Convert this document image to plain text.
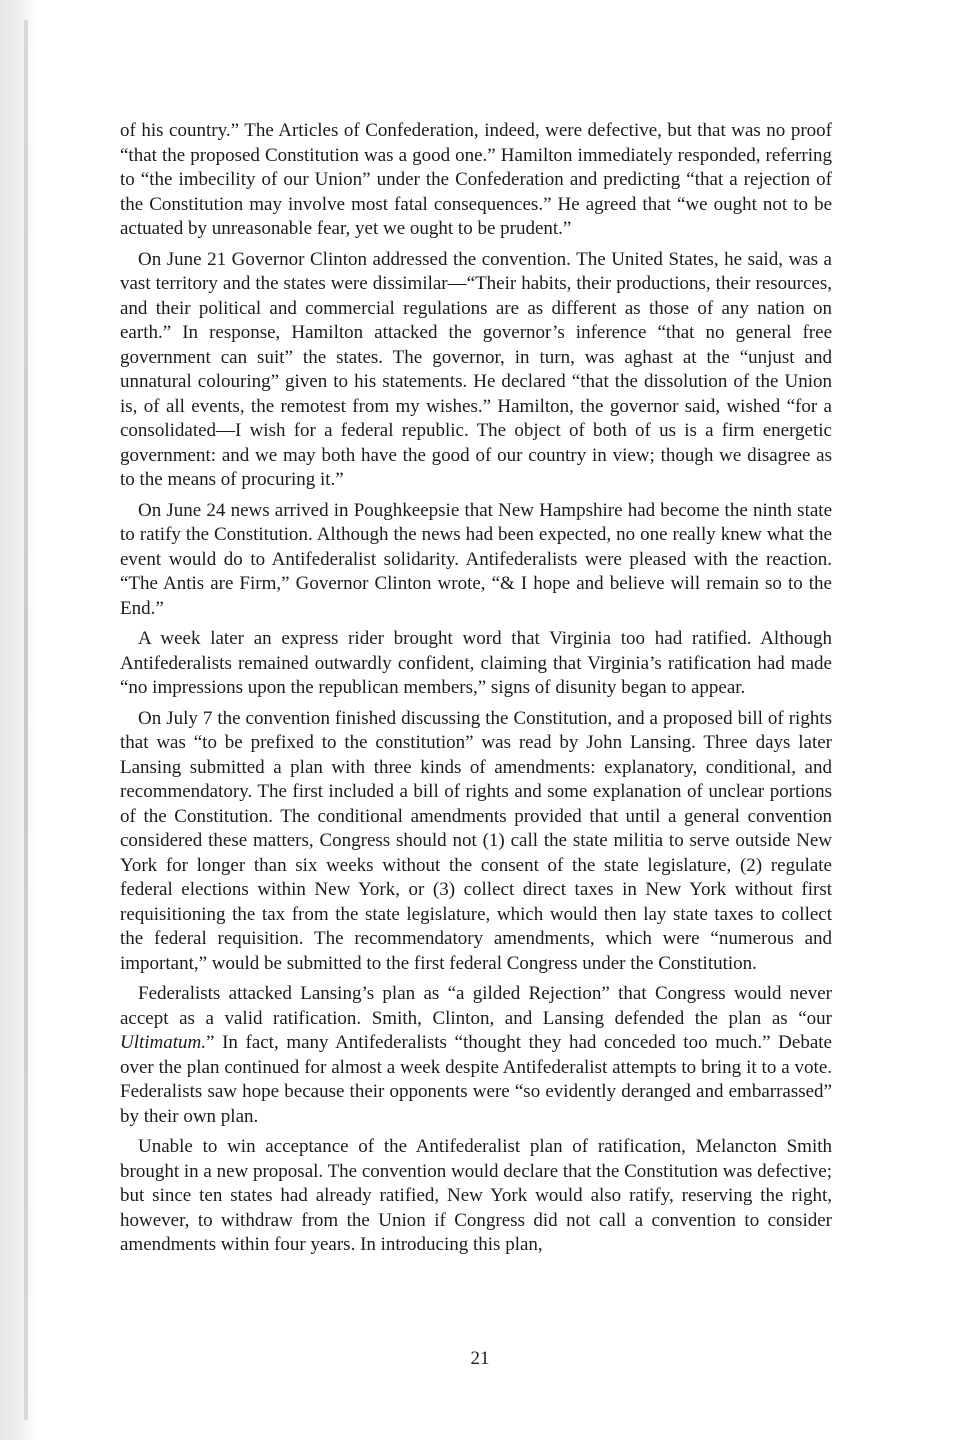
of his country.” The Articles of Confederation, indeed, were defective, but that was no proof “that the proposed Constitution was a good one.” Hamilton immediately responded, referring to “the imbecility of our Union” under the Confederation and predicting “that a rejection of the Constitution may involve most fatal consequences.” He agreed that “we ought not to be actuated by unreasonable fear, yet we ought to be prudent.”

On June 21 Governor Clinton addressed the convention. The United States, he said, was a vast territory and the states were dissimilar—“Their habits, their productions, their resources, and their political and commercial regulations are as different as those of any nation on earth.” In response, Hamilton attacked the governor’s inference “that no general free government can suit” the states. The governor, in turn, was aghast at the “unjust and unnatural colouring” given to his statements. He declared “that the dissolution of the Union is, of all events, the remotest from my wishes.” Hamilton, the governor said, wished “for a consolidated—I wish for a federal republic. The object of both of us is a firm energetic government: and we may both have the good of our country in view; though we disagree as to the means of procuring it.”

On June 24 news arrived in Poughkeepsie that New Hampshire had become the ninth state to ratify the Constitution. Although the news had been expected, no one really knew what the event would do to Antifederalist solidarity. Antifederalists were pleased with the reaction. “The Antis are Firm,” Governor Clinton wrote, “& I hope and believe will remain so to the End.”

A week later an express rider brought word that Virginia too had ratified. Although Antifederalists remained outwardly confident, claiming that Virginia’s ratification had made “no impressions upon the republican members,” signs of disunity began to appear.

On July 7 the convention finished discussing the Constitution, and a proposed bill of rights that was “to be prefixed to the constitution” was read by John Lansing. Three days later Lansing submitted a plan with three kinds of amendments: explanatory, conditional, and recommendatory. The first included a bill of rights and some explanation of unclear portions of the Constitution. The conditional amendments provided that until a general convention considered these matters, Congress should not (1) call the state militia to serve outside New York for longer than six weeks without the consent of the state legislature, (2) regulate federal elections within New York, or (3) collect direct taxes in New York without first requisitioning the tax from the state legislature, which would then lay state taxes to collect the federal requisition. The recommendatory amendments, which were “numerous and important,” would be submitted to the first federal Congress under the Constitution.

Federalists attacked Lansing’s plan as “a gilded Rejection” that Congress would never accept as a valid ratification. Smith, Clinton, and Lansing defended the plan as “our Ultimatum.” In fact, many Antifederalists “thought they had conceded too much.” Debate over the plan continued for almost a week despite Antifederalist attempts to bring it to a vote. Federalists saw hope because their opponents were “so evidently deranged and embarrassed” by their own plan.

Unable to win acceptance of the Antifederalist plan of ratification, Melancton Smith brought in a new proposal. The convention would declare that the Constitution was defective; but since ten states had already ratified, New York would also ratify, reserving the right, however, to withdraw from the Union if Congress did not call a convention to consider amendments within four years. In introducing this plan,

21
